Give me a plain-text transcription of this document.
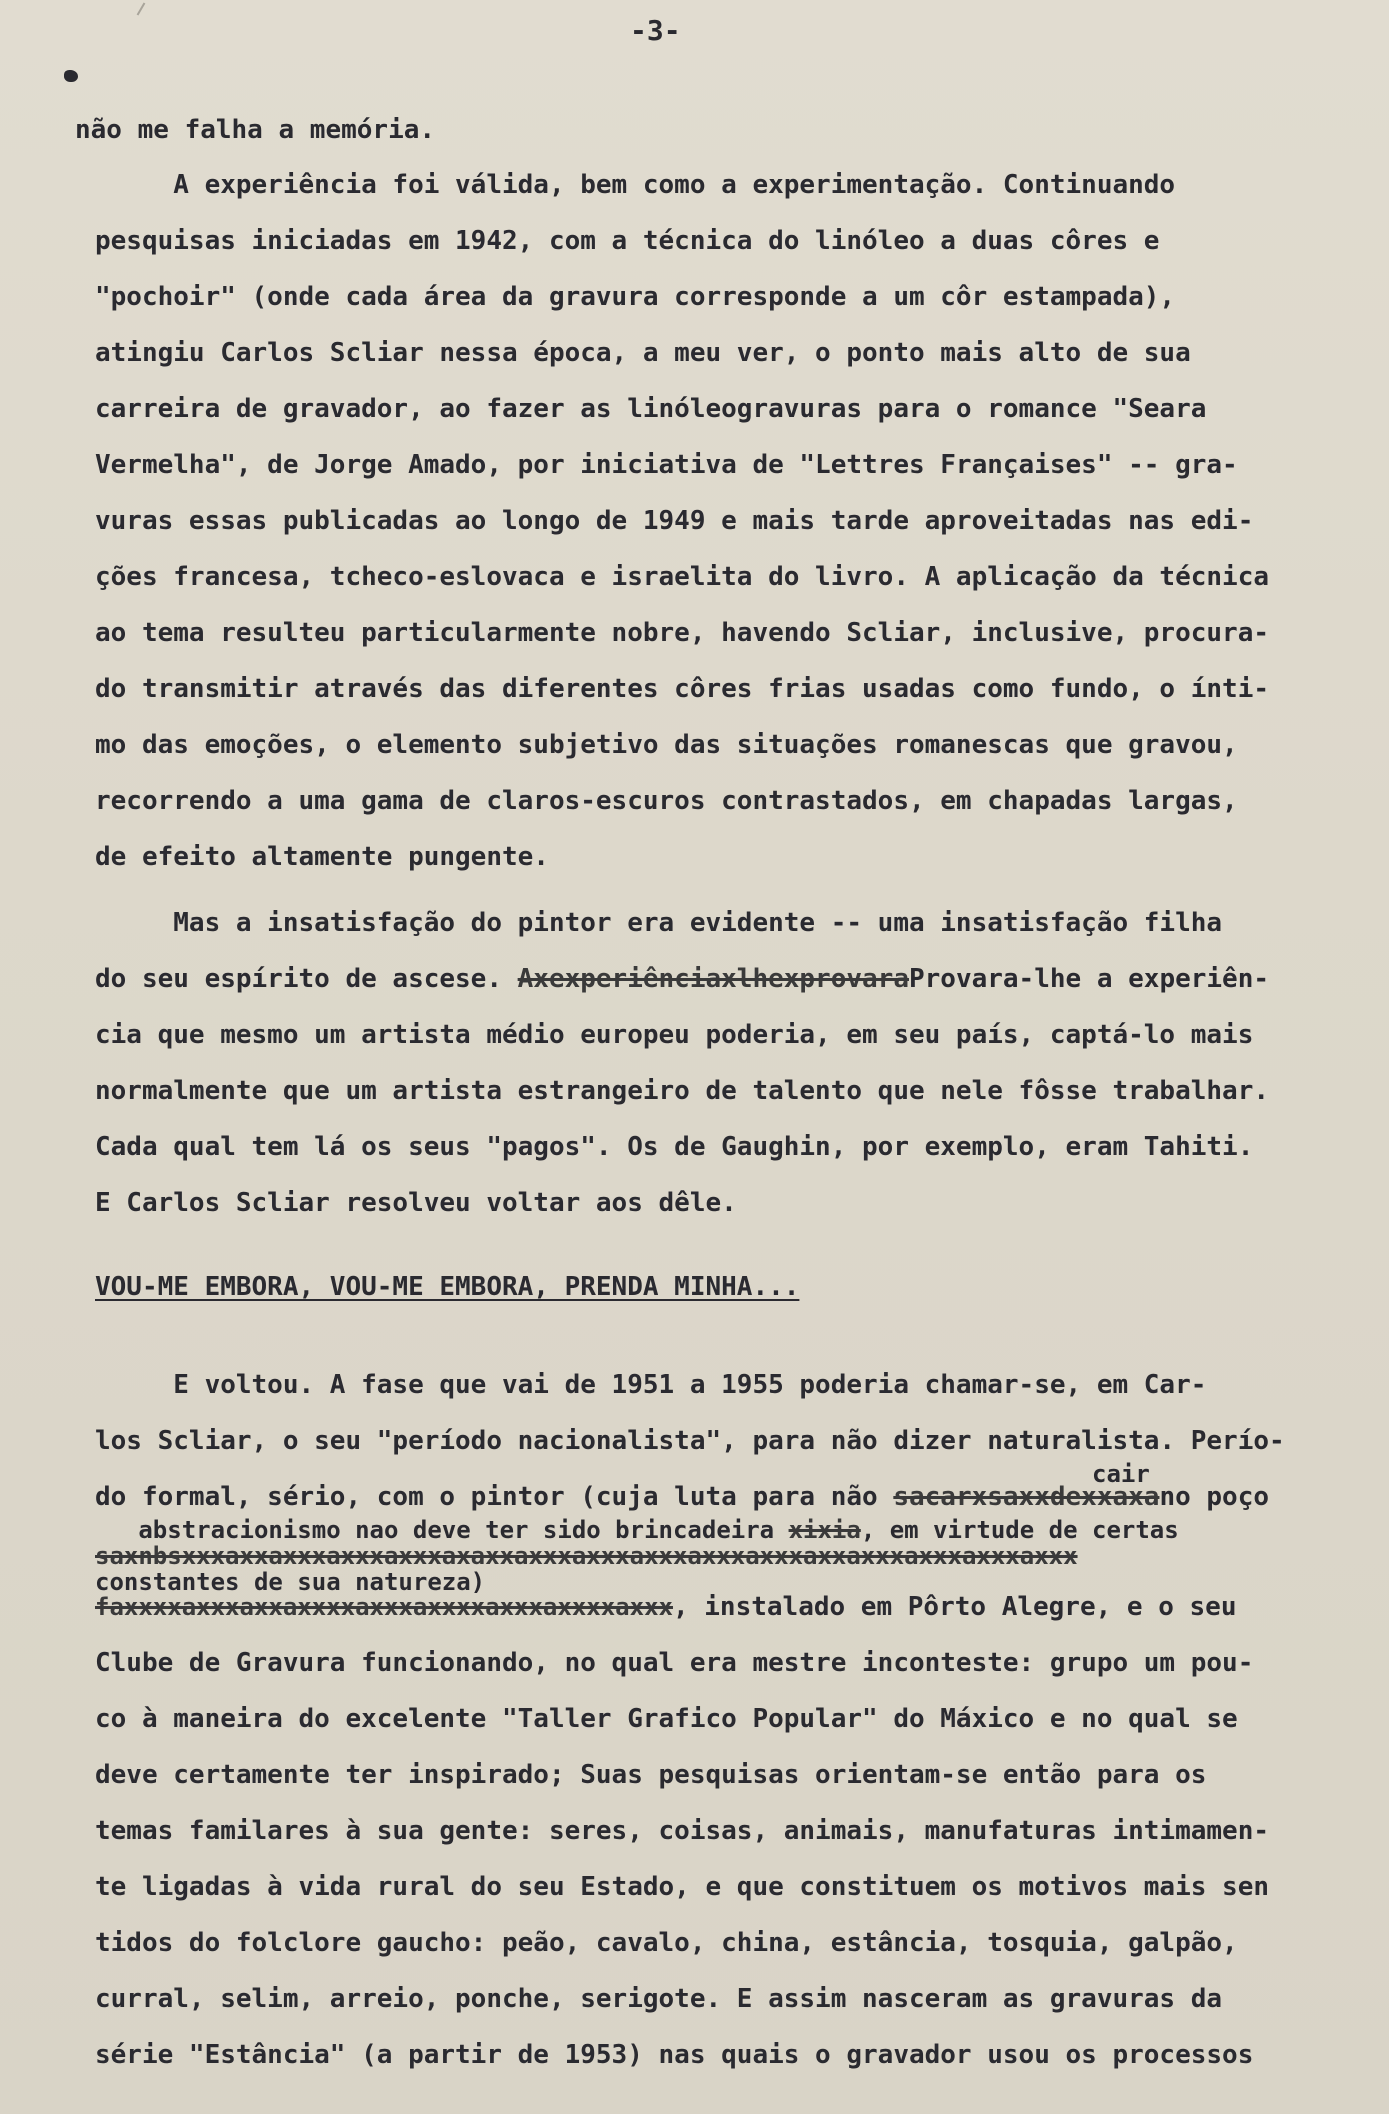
-3-
não me falha a memória.
A experiência foi válida, bem como a experimentação. Continuando
pesquisas iniciadas em 1942, com a técnica do linóleo a duas côres e
"pochoir" (onde cada área da gravura corresponde a um côr estampada),
atingiu Carlos Scliar nessa época, a meu ver, o ponto mais alto de sua
carreira de gravador, ao fazer as linóleogravuras para o romance "Seara
Vermelha", de Jorge Amado, por iniciativa de "Lettres Françaises" -- gra-
vuras essas publicadas ao longo de 1949 e mais tarde aproveitadas nas edi-
ções francesa, tcheco-eslovaca e israelita do livro. A aplicação da técnica
ao tema resulteu particularmente nobre, havendo Scliar, inclusive, procura-
do transmitir através das diferentes côres frias usadas como fundo, o ínti-
mo das emoções, o elemento subjetivo das situações romanescas que gravou,
recorrendo a uma gama de claros-escuros contrastados, em chapadas largas,
de efeito altamente pungente.
Mas a insatisfação do pintor era evidente -- uma insatisfação filha
do seu espírito de ascese. AxexperiênciaxlhexprovaraProvara-lhe a experiên-
cia que mesmo um artista médio europeu poderia, em seu país, captá-lo mais
normalmente que um artista estrangeiro de talento que nele fôsse trabalhar.
Cada qual tem lá os seus "pagos". Os de Gaughin, por exemplo, eram Tahiti.
E Carlos Scliar resolveu voltar aos dêle.
VOU-ME EMBORA, VOU-ME EMBORA, PRENDA MINHA...
E voltou. A fase que vai de 1951 a 1955 poderia chamar-se, em Car-
los Scliar, o seu "período nacionalista", para não dizer naturalista. Perío-
cair
do formal, sério, com o pintor (cuja luta para não sacarxsaxxdexxaxano poço
abstracionismo nao deve ter sido brincadeira xixia, em virtude de certas
saxnbsxxxaxxaxxxaxxxaxxxaxaxxaxxxaxxxaxxxaxxxaxxxaxxaxxxaxxxaxxxaxxx
constantes de sua natureza)
faxxxxaxxxaxxaxxxxaxxxaxxxxaxxxaxxxxaxxx, instalado em Pôrto Alegre, e o seu
Clube de Gravura funcionando, no qual era mestre inconteste: grupo um pou-
co à maneira do excelente "Taller Grafico Popular" do Máxico e no qual se
deve certamente ter inspirado; Suas pesquisas orientam-se então para os
temas familares à sua gente: seres, coisas, animais, manufaturas intimamen-
te ligadas à vida rural do seu Estado, e que constituem os motivos mais sen
tidos do folclore gaucho: peão, cavalo, china, estância, tosquia, galpão,
curral, selim, arreio, ponche, serigote. E assim nasceram as gravuras da
série "Estância" (a partir de 1953) nas quais o gravador usou os processos
